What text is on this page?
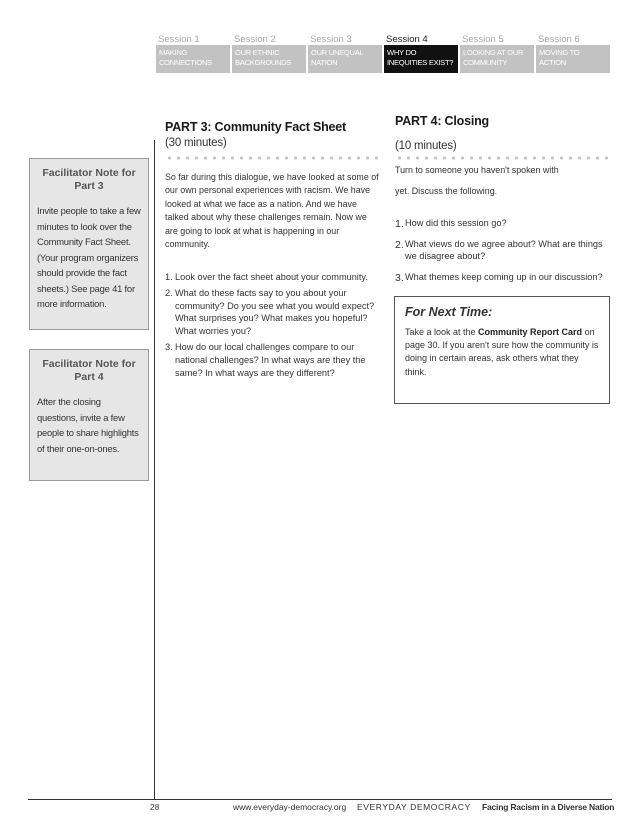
Session 1
MAKING CONNECTIONS
Session 2
OUR ETHNIC BACKGROUNDS
Session 3
OUR UNEQUAL NATION
Session 4
WHY DO INEQUITIES EXIST?
Session 5
LOOKING AT OUR COMMUNITY
Session 6
MOVING TO ACTION
Facilitator Note for Part 3
Invite people to take a few minutes to look over the Community Fact Sheet. (Your program organizers should provide the fact sheets.) See page 41 for more information.
Facilitator Note for Part 4
After the closing questions, invite a few people to share highlights of their one-on-ones.
PART 3: Community Fact Sheet
(30 minutes)
So far during this dialogue, we have looked at some of our own personal experiences with racism. We have looked at what we face as a nation. And we have talked about why these challenges remain. Now we are going to look at what is happening in our community.
1. Look over the fact sheet about your community.
2. What do these facts say to you about your community? Do you see what you would expect? What surprises you? What makes you hopeful? What worries you?
3. How do our local challenges compare to our national challenges? In what ways are they the same? In what ways are they different?
PART 4: Closing
(10 minutes)
Turn to someone you haven't spoken with
yet. Discuss the following.
1. How did this session go?
2. What views do we agree about? What are things we disagree about?
3. What themes keep coming up in our discussion?
For Next Time:
Take a look at the Community Report Card on page 30. If you aren't sure how the community is doing in certain areas, ask others what they think.
28	www.everyday-democracy.org EVERYDAY DEMOCRACY Facing Racism in a Diverse Nation
